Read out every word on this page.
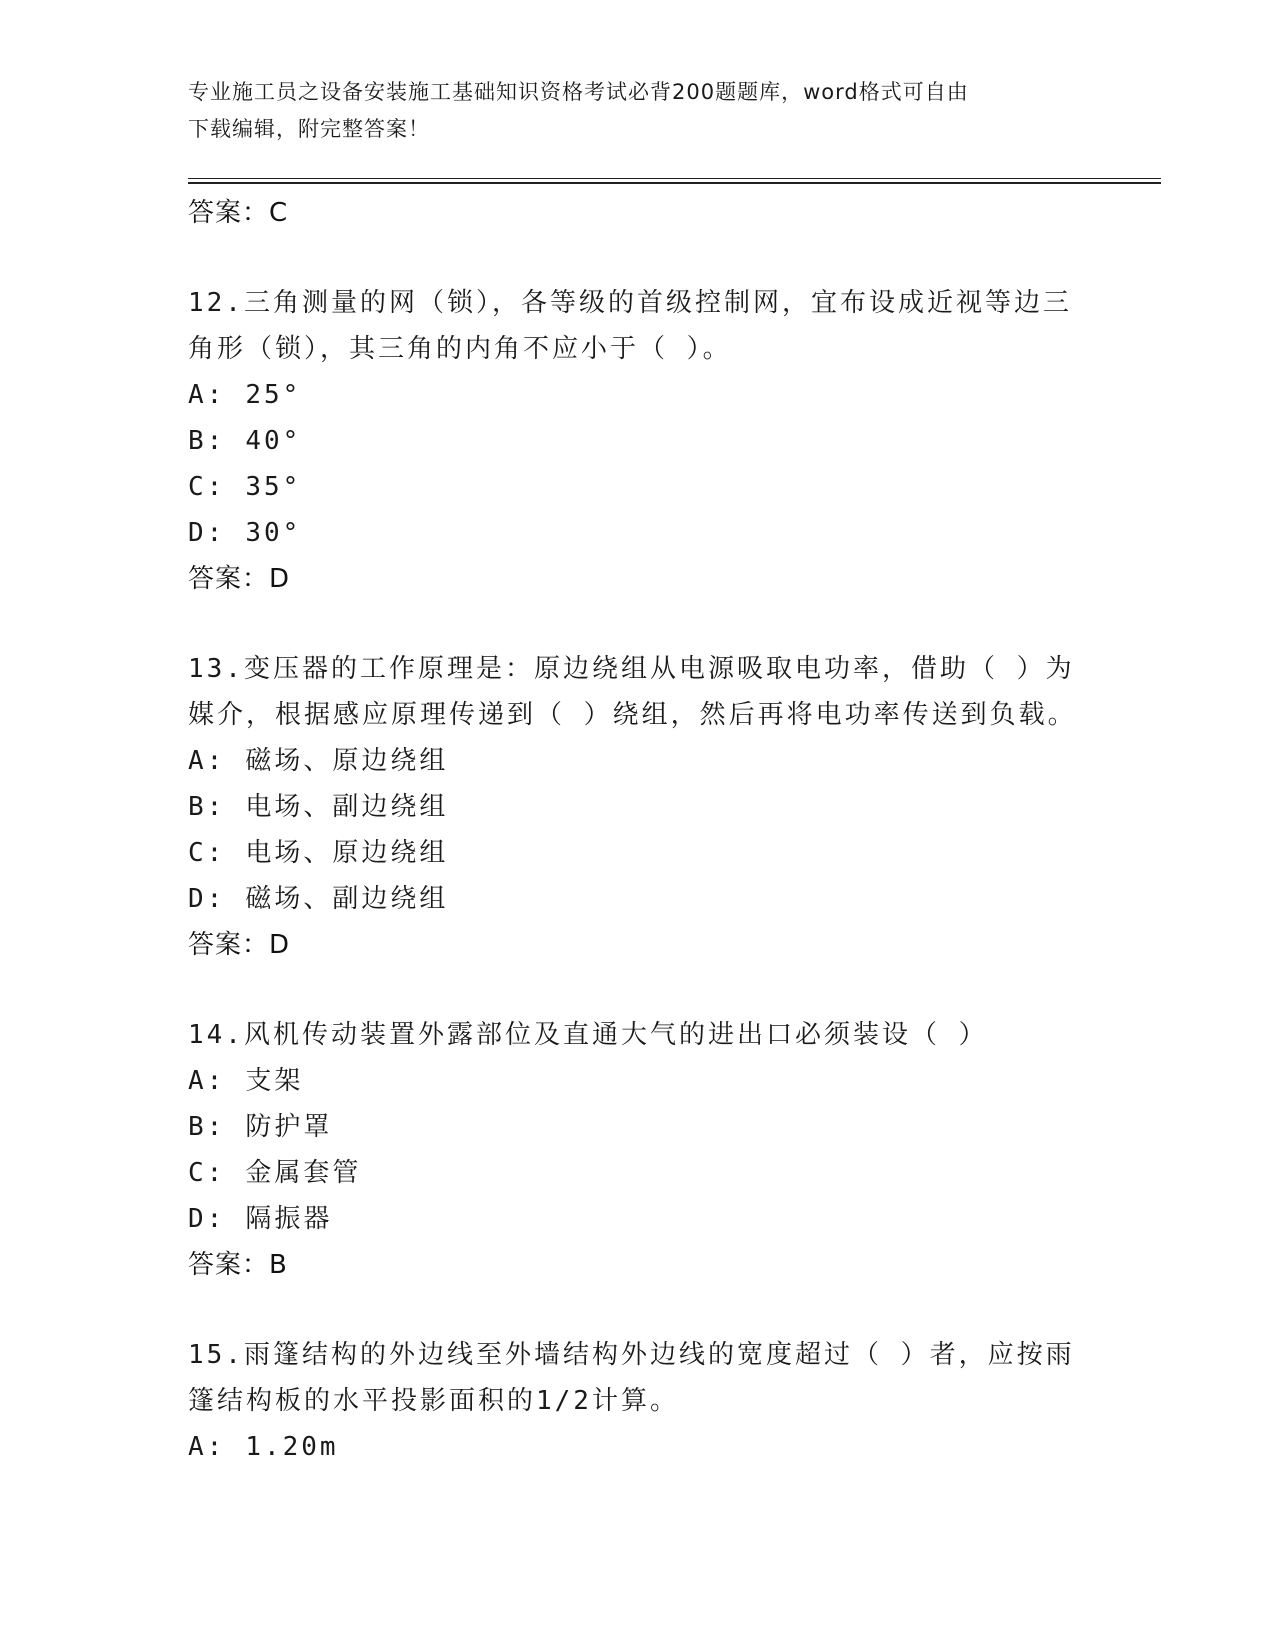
专业施工员之设备安装施工基础知识资格考试必背200题题库，word格式可自由
下载编辑，附完整答案！
答案：C
12.三角测量的网（锁），各等级的首级控制网，宜布设成近视等边三
角形（锁），其三角的内角不应小于（ ）。
A: 25°
B: 40°
C: 35°
D: 30°
答案：D
13.变压器的工作原理是：原边绕组从电源吸取电功率，借助（ ）为
媒介，根据感应原理传递到（ ）绕组，然后再将电功率传送到负载。
A: 磁场、原边绕组
B: 电场、副边绕组
C: 电场、原边绕组
D: 磁场、副边绕组
答案：D
14.风机传动装置外露部位及直通大气的进出口必须装设（ ）
A: 支架
B: 防护罩
C: 金属套管
D: 隔振器
答案：B
15.雨篷结构的外边线至外墙结构外边线的宽度超过（ ）者，应按雨
篷结构板的水平投影面积的1/2计算。
A: 1.20m
